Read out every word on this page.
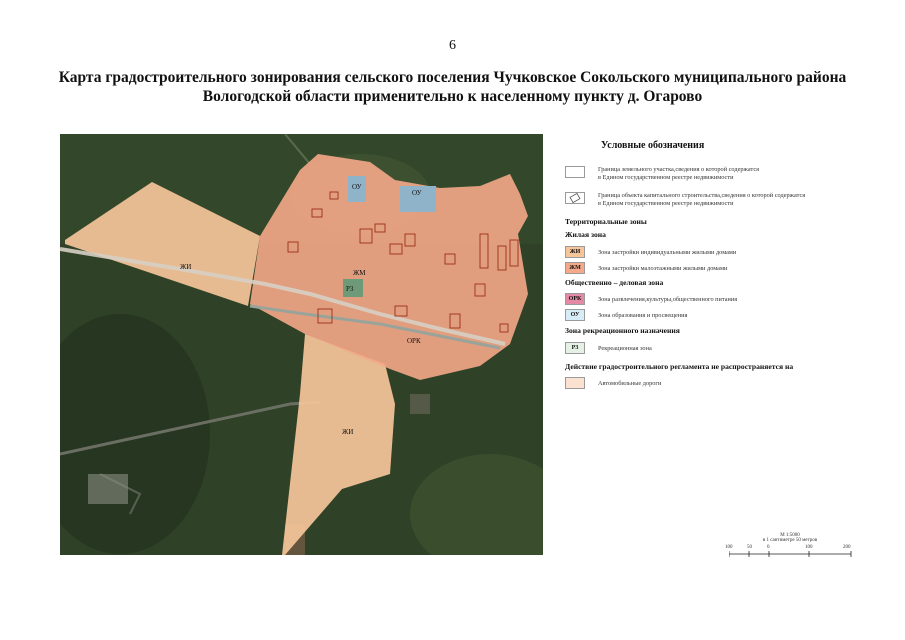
6
Карта градостроительного зонирования сельского поселения Чучковское Сокольского муниципального района
Вологодской области применительно к населенному пункту д. Огарово
ЖИ
ЖМ
ОУ
ОУ
Р3
ОРК
ЖИ
Условные обозначения
Граница земельного участка,сведения о которой содержатся
в Едином государственном реестре недвижимости
Граница объекта капитального строительства,сведения о которой содержатся
в Едином государственном реестре недвижимости
Территориальные зоны
Жилая зона
ЖИ	Зона застройки индивидуальными жилыми домами
ЖМ	Зона застройки малоэтажными жилыми домами
Общественно – деловая зона
ОРК	Зона развлечения,культуры,общественного питания
ОУ	Зона образования и просвещения
Зона рекреационного назначения
Р3	Рекреационная зона
Действие градостроительного регламента не распространяется на
Автомобильные дороги
М 1:5000
в 1 сантиметре 50 метров
100	50	0	100	200
